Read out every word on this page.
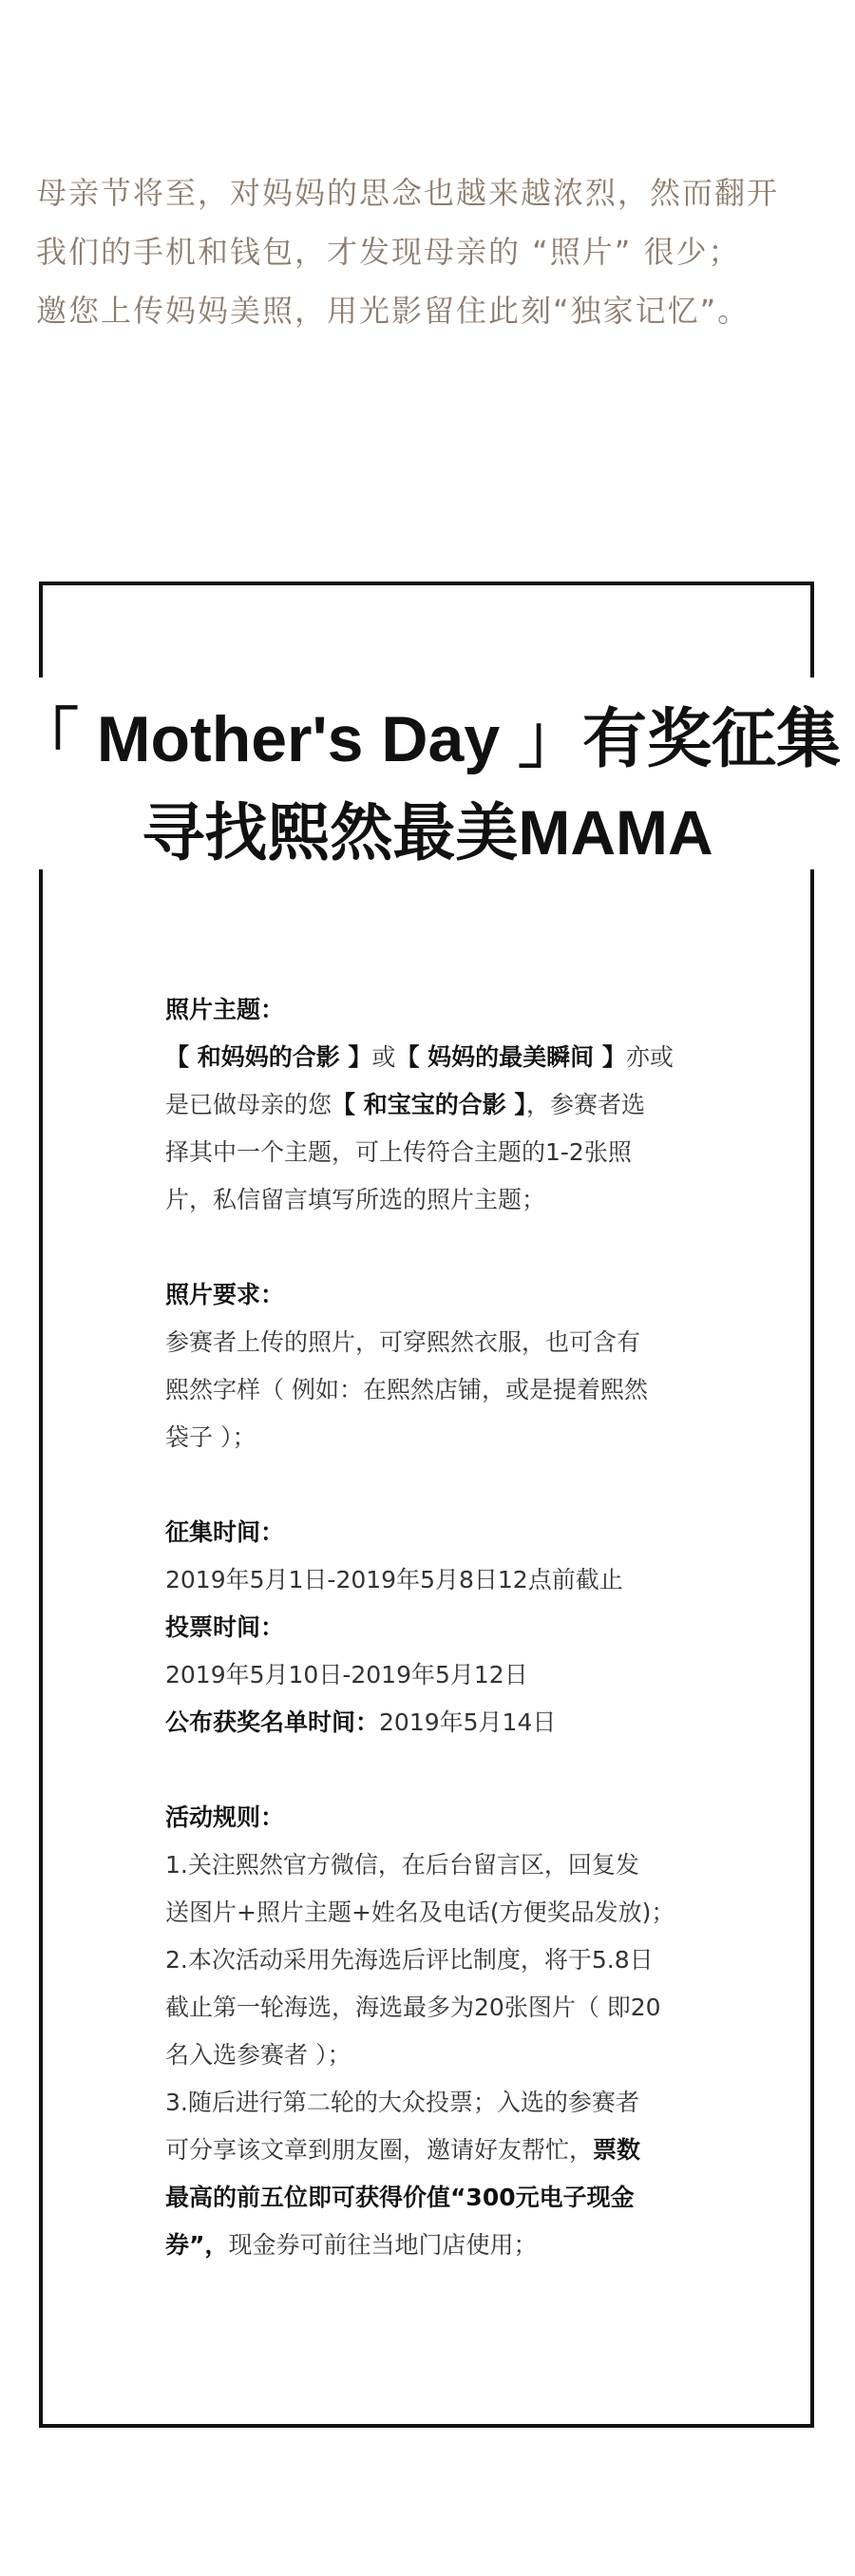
母亲节将至，对妈妈的思念也越来越浓烈，然而翻开

我们的手机和钱包，才发现母亲的 “照片” 很少；

邀您上传妈妈美照，用光影留住此刻“独家记忆”。

「 Mother's Day 」有奖征集
寻找熙然最美MAMA

照片主题：

【 和妈妈的合影 】或【 妈妈的最美瞬间 】亦或

是已做母亲的您【 和宝宝的合影 】，参赛者选

择其中一个主题，可上传符合主题的1-2张照

片，私信留言填写所选的照片主题；

照片要求：

参赛者上传的照片，可穿熙然衣服，也可含有

熙然字样（ 例如：在熙然店铺，或是提着熙然

袋子 ）；

征集时间：

2019年5月1日-2019年5月8日12点前截止

投票时间：

2019年5月10日-2019年5月12日

公布获奖名单时间：2019年5月14日

活动规则：

1.关注熙然官方微信，在后台留言区，回复发

送图片+照片主题+姓名及电话(方便奖品发放)；

2.本次活动采用先海选后评比制度，将于5.8日

截止第一轮海选，海选最多为20张图片（ 即20

名入选参赛者 ）；

3.随后进行第二轮的大众投票；入选的参赛者

可分享该文章到朋友圈，邀请好友帮忙，票数

最高的前五位即可获得价值“300元电子现金

券”，现金券可前往当地门店使用；
